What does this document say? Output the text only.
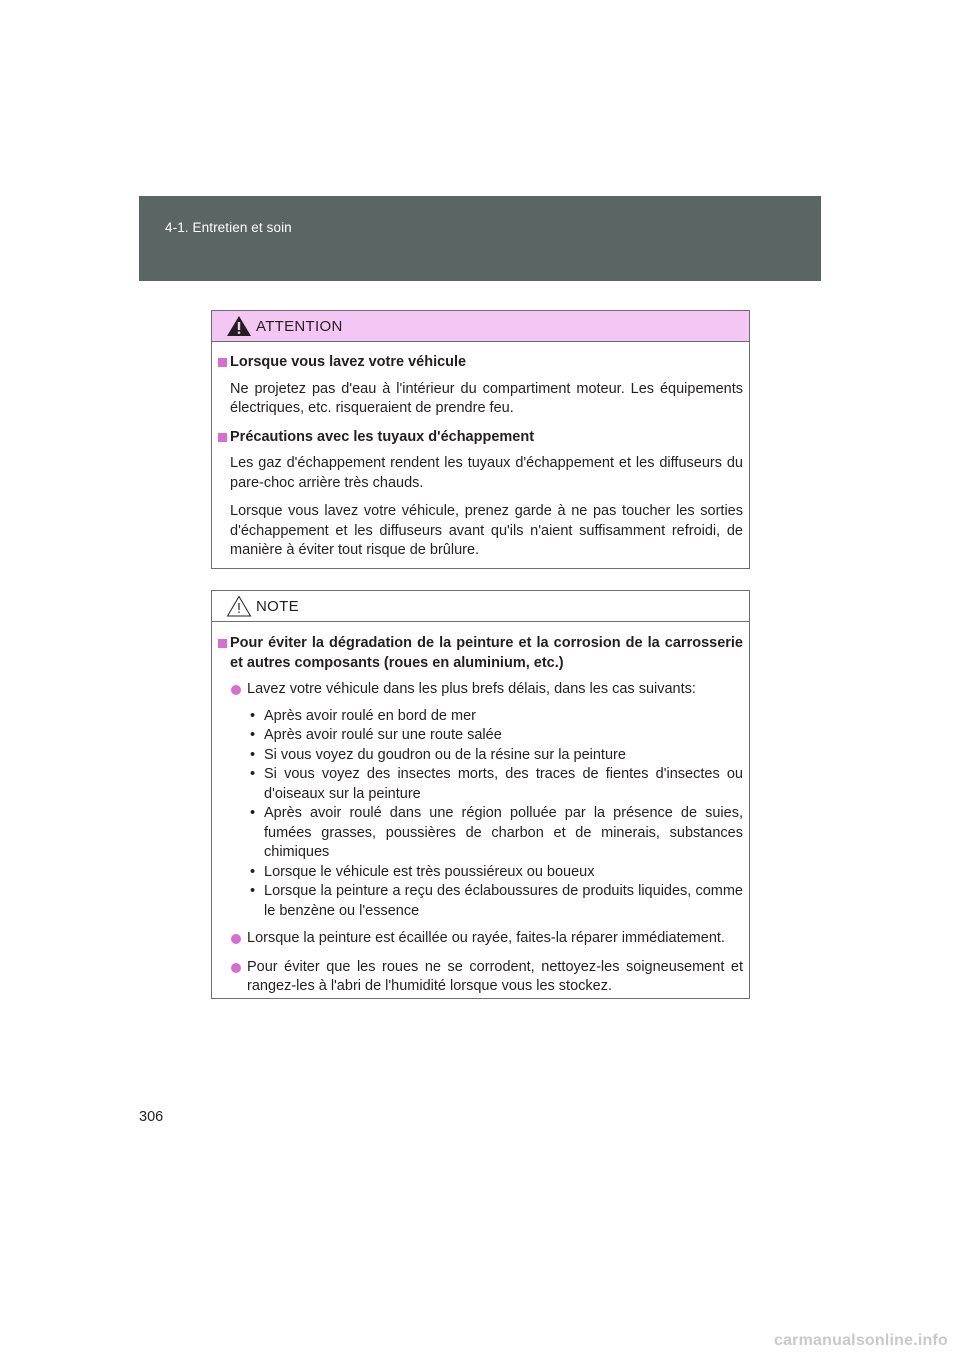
4-1. Entretien et soin
ATTENTION
Lorsque vous lavez votre véhicule
Ne projetez pas d'eau à l'intérieur du compartiment moteur. Les équipements électriques, etc. risqueraient de prendre feu.
Précautions avec les tuyaux d'échappement
Les gaz d'échappement rendent les tuyaux d'échappement et les diffuseurs du pare-choc arrière très chauds.
Lorsque vous lavez votre véhicule, prenez garde à ne pas toucher les sorties d'échappement et les diffuseurs avant qu'ils n'aient suffisamment refroidi, de manière à éviter tout risque de brûlure.
NOTE
Pour éviter la dégradation de la peinture et la corrosion de la carrosserie et autres composants (roues en aluminium, etc.)
Lavez votre véhicule dans les plus brefs délais, dans les cas suivants:

• Après avoir roulé en bord de mer

• Après avoir roulé sur une route salée

• Si vous voyez du goudron ou de la résine sur la peinture

• Si vous voyez des insectes morts, des traces de fientes d'insectes ou d'oiseaux sur la peinture

• Après avoir roulé dans une région polluée par la présence de suies, fumées grasses, poussières de charbon et de minerais, substances chimiques

• Lorsque le véhicule est très poussiéreux ou boueux

• Lorsque la peinture a reçu des éclaboussures de produits liquides, comme le benzène ou l'essence

Lorsque la peinture est écaillée ou rayée, faites-la réparer immédiatement.
Pour éviter que les roues ne se corrodent, nettoyez-les soigneusement et rangez-les à l'abri de l'humidité lorsque vous les stockez.
306
carmanualsonline.info
